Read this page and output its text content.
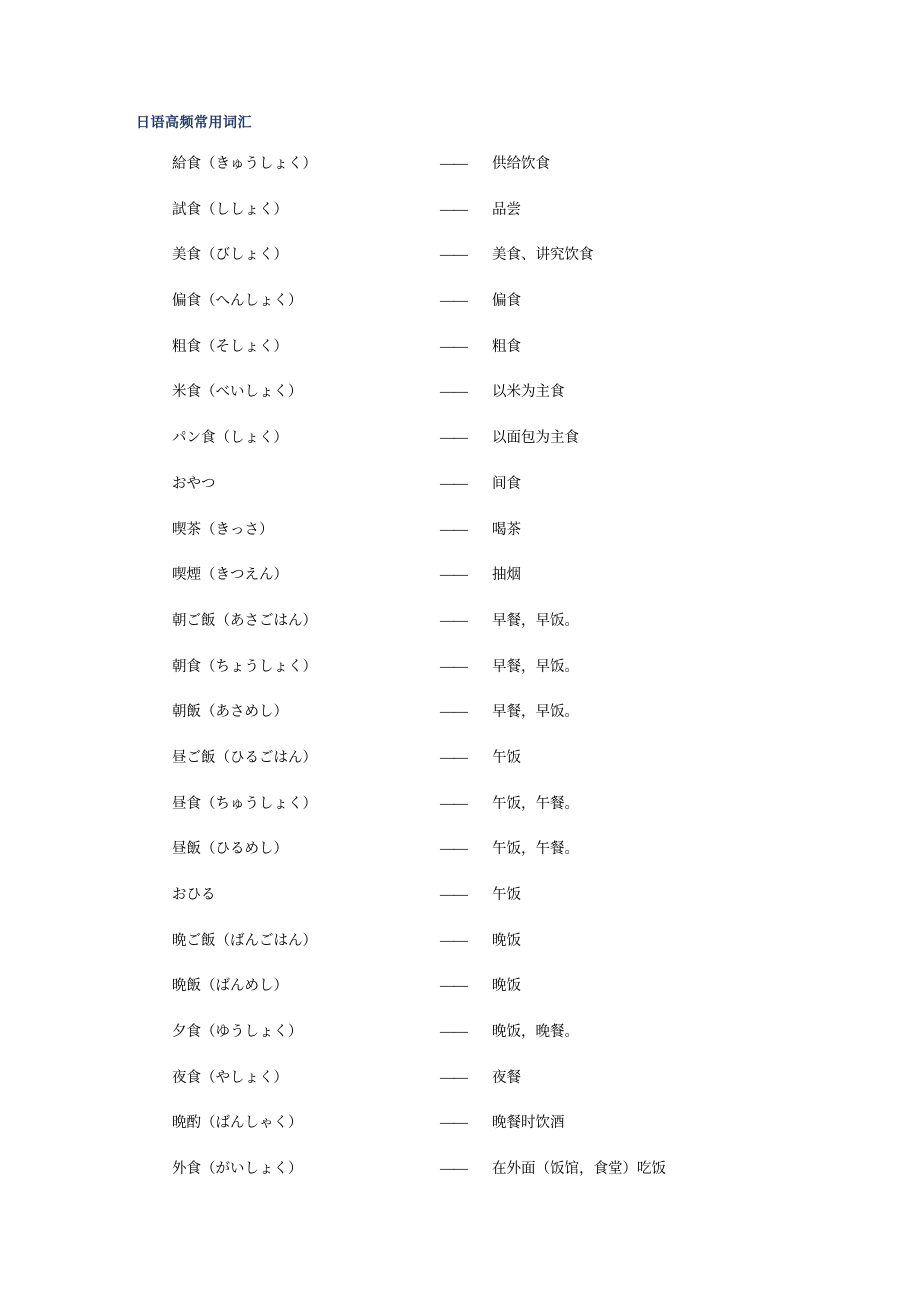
日语高频常用词汇
給食（きゅうしょく）	——	供给饮食
試食（ししょく）	——	品尝
美食（びしょく）	——	美食、讲究饮食
偏食（へんしょく）	——	偏食
粗食（そしょく）	——	粗食
米食（べいしょく）	——	以米为主食
パン食（しょく）	——	以面包为主食
おやつ	——	间食
喫茶（きっさ）	——	喝茶
喫煙（きつえん）	——	抽烟
朝ご飯（あさごはん）	——	早餐，早饭。
朝食（ちょうしょく）	——	早餐，早饭。
朝飯（あさめし）	——	早餐，早饭。
昼ご飯（ひるごはん）	——	午饭
昼食（ちゅうしょく）	——	午饭，午餐。
昼飯（ひるめし）	——	午饭，午餐。
おひる	——	午饭
晩ご飯（ばんごはん）	——	晚饭
晩飯（ばんめし）	——	晚饭
夕食（ゆうしょく）	——	晚饭，晚餐。
夜食（やしょく）	——	夜餐
晩酌（ばんしゃく）	——	晚餐时饮酒
外食（がいしょく）	——	在外面（饭馆，食堂）吃饭
